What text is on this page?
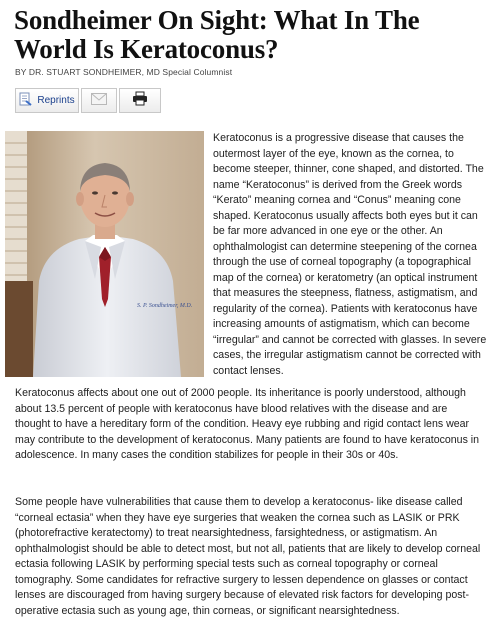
Sondheimer On Sight: What In The World Is Keratoconus?
BY DR. STUART SONDHEIMER, MD Special Columnist
Reprints
S. P. Sondheimer, M.D.

Keratoconus is a progressive disease that causes the outermost layer of the eye, known as the cornea, to become steeper, thinner, cone shaped, and distorted. The name “Keratoconus” is derived from the Greek words “Kerato” meaning cornea and “Conus” meaning cone shaped. Keratoconus usually affects both eyes but it can be far more advanced in one eye or the other. An ophthalmologist can determine steepening of the cornea through the use of corneal topography (a topographical map of the cornea) or keratometry (an optical instrument that measures the steepness, flatness, astigmatism, and regularity of the cornea). Patients with keratoconus have increasing amounts of astigmatism, which can become “irregular” and cannot be corrected with glasses. In severe cases, the irregular astigmatism cannot be corrected with contact lenses.

Keratoconus affects about one out of 2000 people. Its inheritance is poorly understood, although about 13.5 percent of people with keratoconus have blood relatives with the disease and are thought to have a hereditary form of the condition. Heavy eye rubbing and rigid contact lens wear may contribute to the development of keratoconus. Many patients are found to have keratoconus in adolescence. In many cases the condition stabilizes for people in their 30s or 40s.

Some people have vulnerabilities that cause them to develop a keratoconus- like disease called “corneal ectasia” when they have eye surgeries that weaken the cornea such as LASIK or PRK (photorefractive keratectomy) to treat nearsightedness, farsightedness, or astigmatism. An ophthalmologist should be able to detect most, but not all, patients that are likely to develop corneal ectasia following LASIK by performing special tests such as corneal topography or corneal tomography. Some candidates for refractive surgery to lessen dependence on glasses or contact lenses are discouraged from having surgery because of elevated risk factors for developing post-operative ectasia such as young age, thin corneas, or significant nearsightedness.
